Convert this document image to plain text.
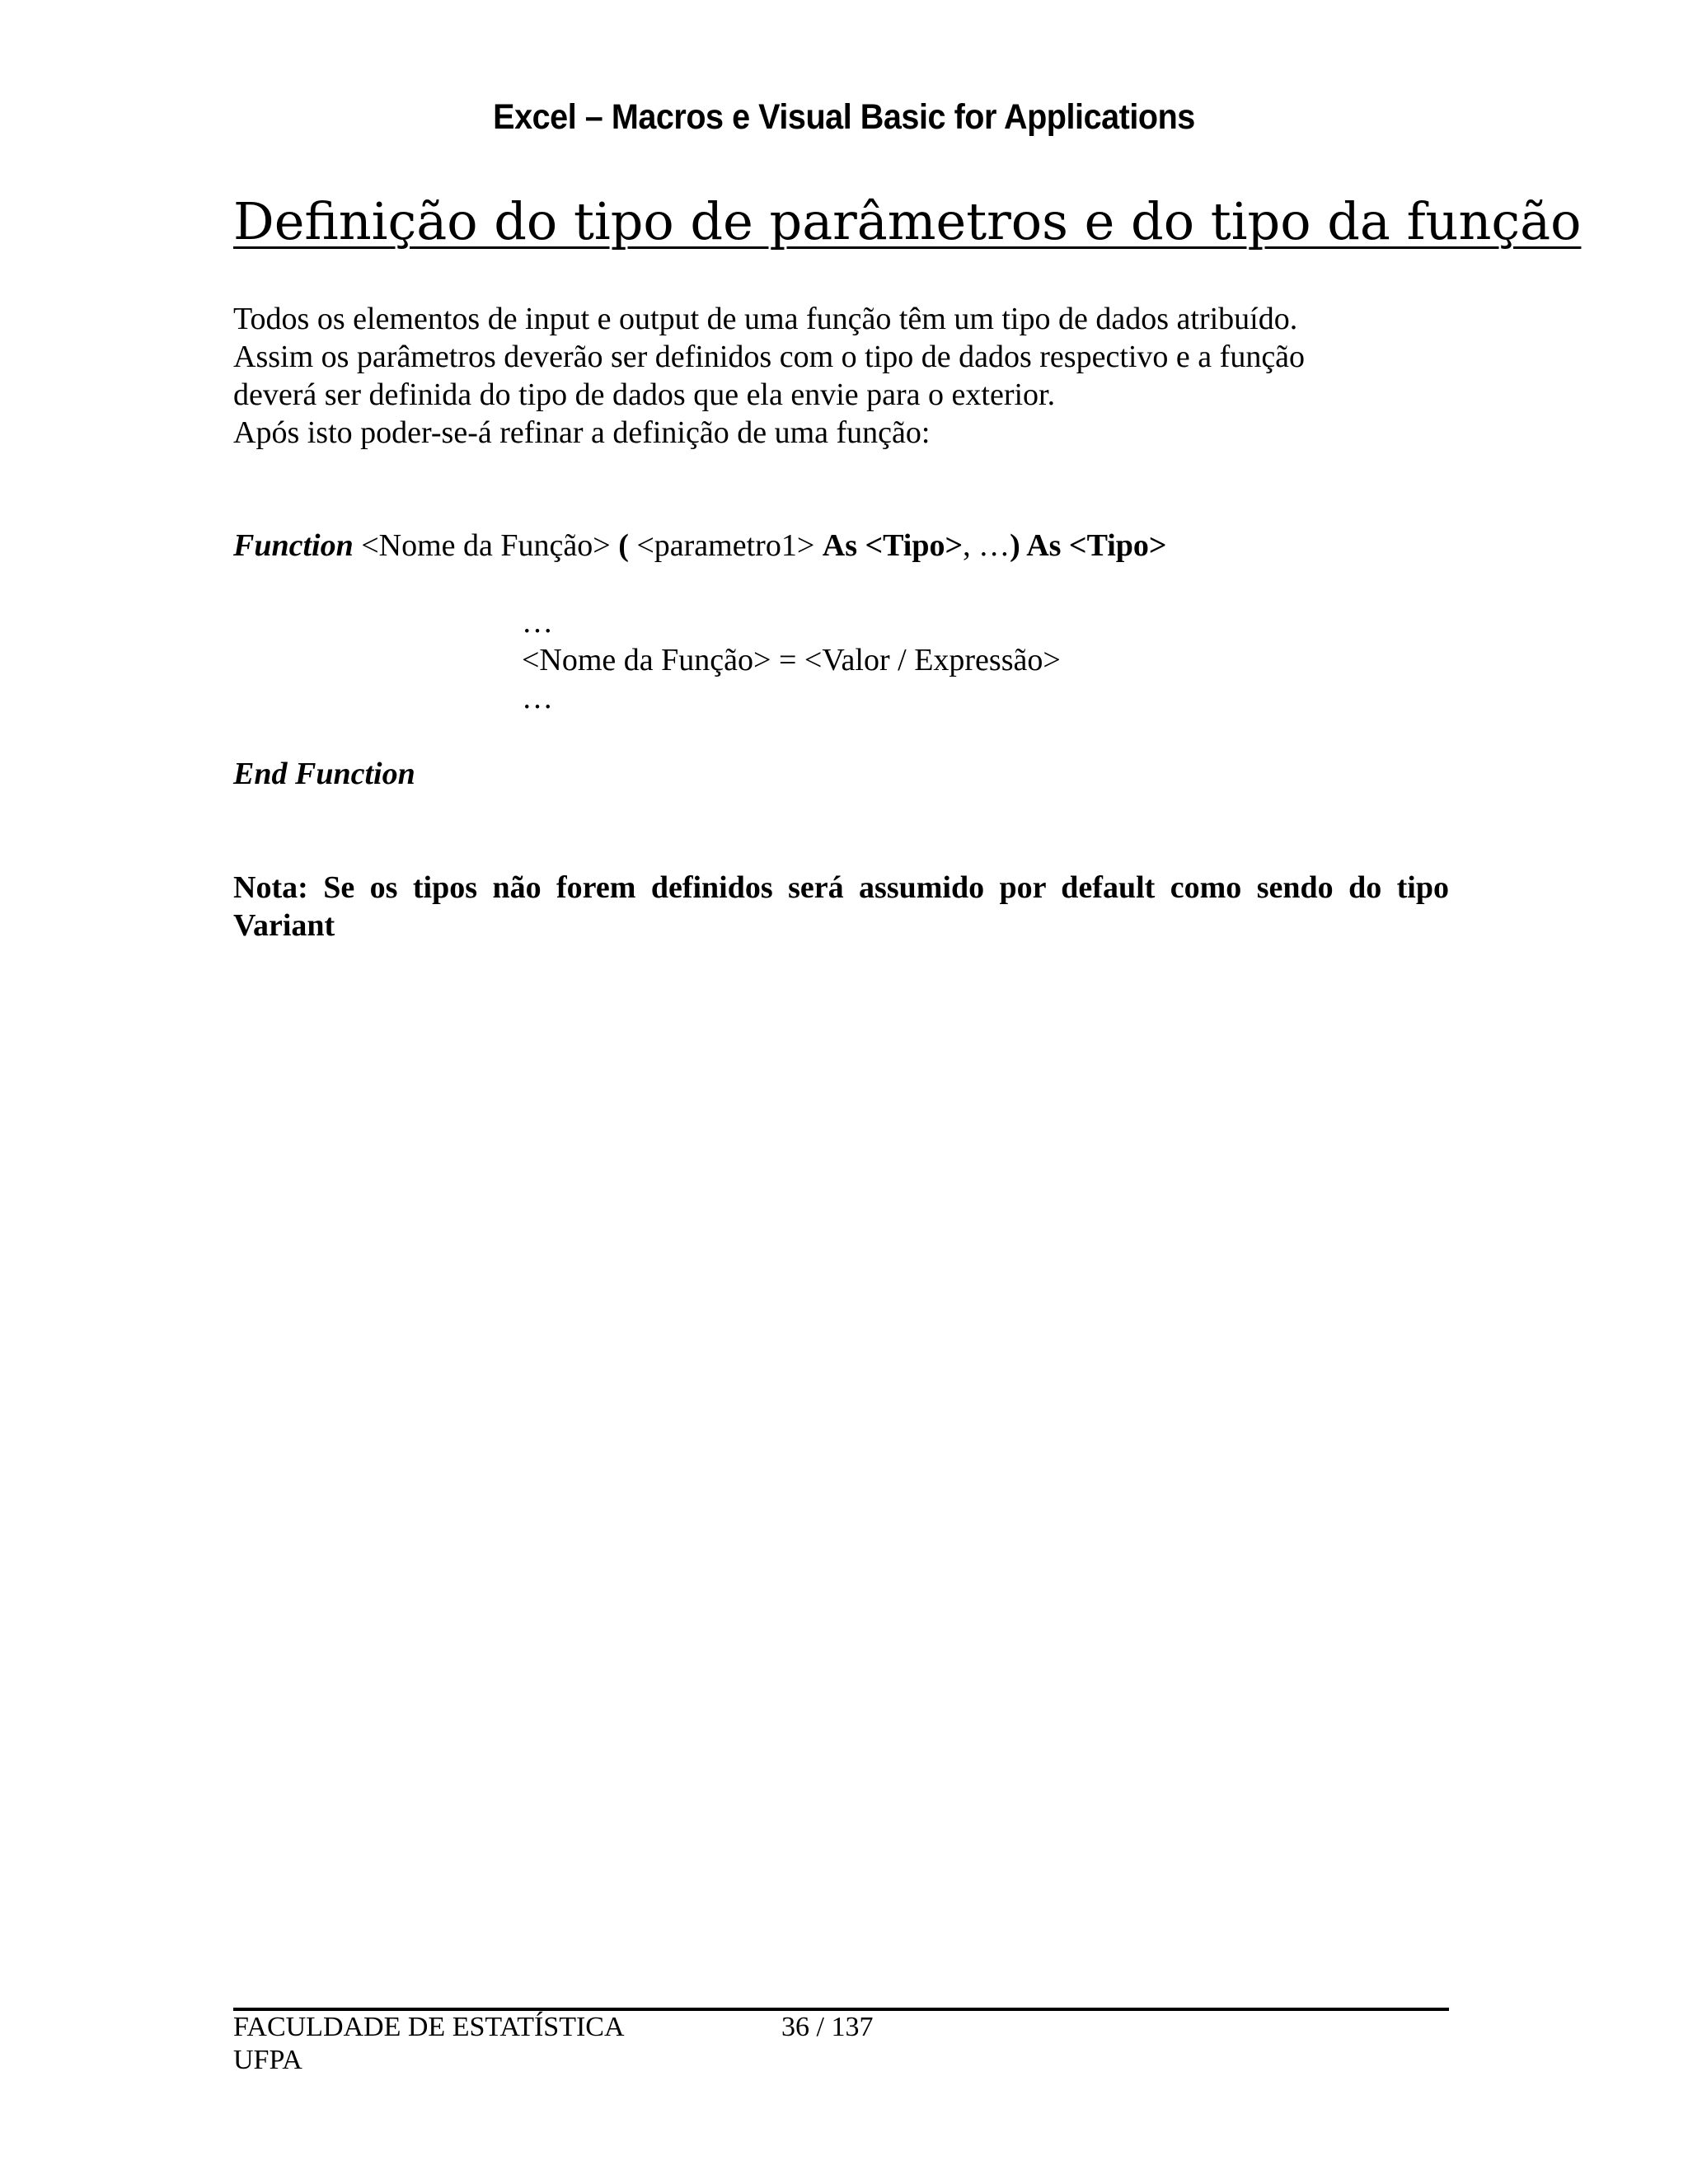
Excel – Macros e Visual Basic for Applications
Definição do tipo de parâmetros e do tipo da função
Todos os elementos de input e output de uma função têm um tipo de dados atribuído.
Assim os parâmetros deverão ser definidos com o tipo de dados respectivo e a função
deverá ser definida do tipo de dados que ela envie para o exterior.
Após isto poder-se-á refinar a definição de uma função:
Function <Nome da Função> ( <parametro1> As <Tipo>, …) As <Tipo>
…
<Nome da Função> = <Valor / Expressão>
…
End Function
Nota: Se os tipos não forem definidos será assumido por default como sendo do tipo
Variant
FACULDADE DE ESTATÍSTICA	36 / 137
UFPA
